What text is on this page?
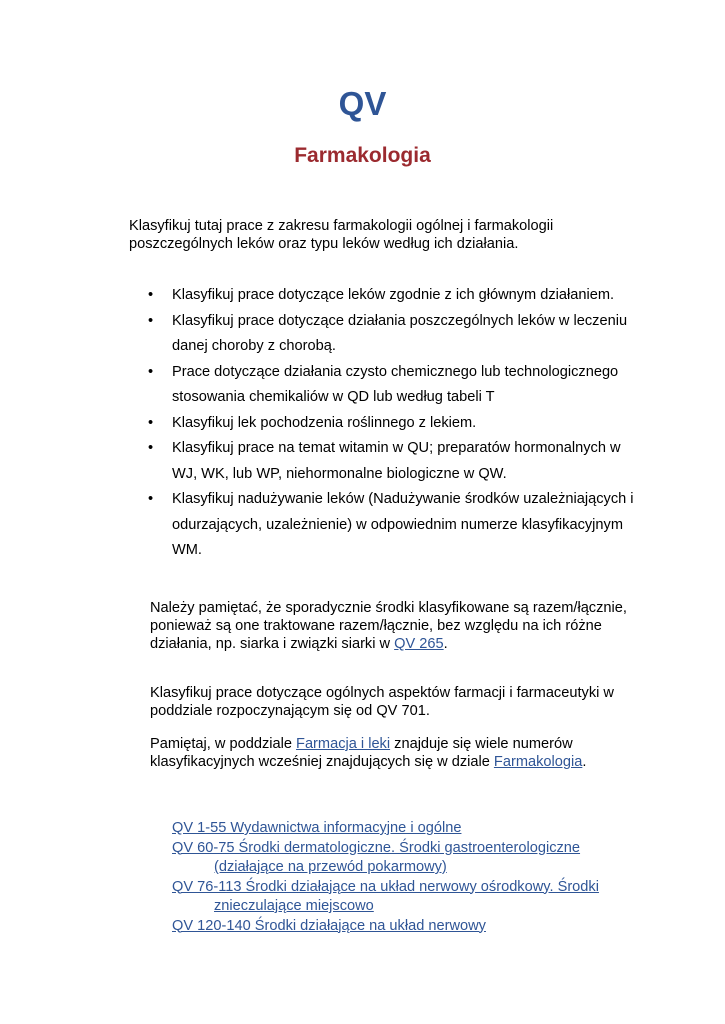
QV
Farmakologia

Klasyfikuj tutaj prace z zakresu farmakologii ogólnej i farmakologii poszczególnych leków oraz typu leków według ich działania.

• Klasyfikuj prace dotyczące leków zgodnie z ich głównym działaniem.
• Klasyfikuj prace dotyczące działania poszczególnych leków w leczeniu danej choroby z chorobą.
• Prace dotyczące działania czysto chemicznego lub technologicznego stosowania chemikaliów w QD lub według tabeli T
• Klasyfikuj lek pochodzenia roślinnego z lekiem.
• Klasyfikuj prace na temat witamin w QU; preparatów hormonalnych w WJ, WK, lub WP, niehormonalne biologiczne w QW.
• Klasyfikuj nadużywanie leków (Nadużywanie środków uzależniających i odurzających, uzależnienie) w odpowiednim numerze klasyfikacyjnym WM.

Należy pamiętać, że sporadycznie środki klasyfikowane są razem/łącznie, ponieważ są one traktowane razem/łącznie, bez względu na ich różne działania, np. siarka i związki siarki w QV 265.

Klasyfikuj prace dotyczące ogólnych aspektów farmacji i farmaceutyki w poddziale rozpoczynającym się od QV 701.

Pamiętaj, w poddziale Farmacja i leki znajduje się wiele numerów klasyfikacyjnych wcześniej znajdujących się w dziale Farmakologia.

QV 1-55 Wydawnictwa informacyjne i ogólne
QV 60-75 Środki dermatologiczne. Środki gastroenterologiczne
(działające na przewód pokarmowy)
QV 76-113 Środki działające na układ nerwowy ośrodkowy. Środki
znieczulające miejscowo
QV 120-140 Środki działające na układ nerwowy
